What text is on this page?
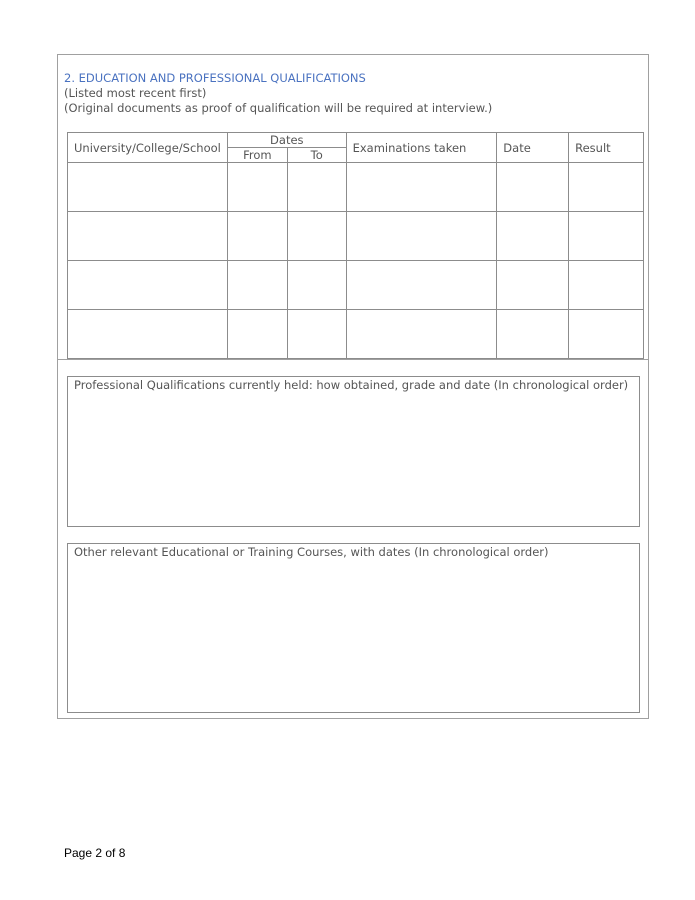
2. EDUCATION AND PROFESSIONAL QUALIFICATIONS
(Listed most recent first)
(Original documents as proof of qualification will be required at interview.)
University/College/School	Dates		Examinations taken	Date	Result
	From	To			

Professional Qualifications currently held: how obtained, grade and date (In chronological order)
Other relevant Educational or Training Courses, with dates (In chronological order)
Page 2 of 8
